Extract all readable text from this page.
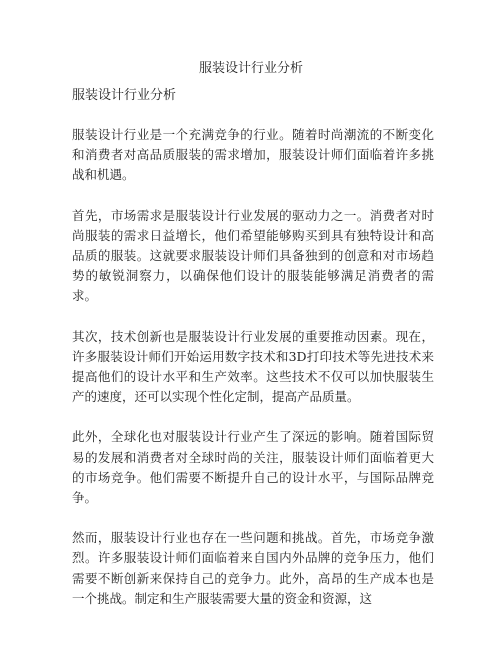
服装设计行业分析
服装设计行业分析

服装设计行业是一个充满竞争的行业。随着时尚潮流的不断变化和消费者对高品质服装的需求增加，服装设计师们面临着许多挑战和机遇。

首先，市场需求是服装设计行业发展的驱动力之一。消费者对时尚服装的需求日益增长，他们希望能够购买到具有独特设计和高品质的服装。这就要求服装设计师们具备独到的创意和对市场趋势的敏锐洞察力，以确保他们设计的服装能够满足消费者的需求。

其次，技术创新也是服装设计行业发展的重要推动因素。现在，许多服装设计师们开始运用数字技术和3D打印技术等先进技术来提高他们的设计水平和生产效率。这些技术不仅可以加快服装生产的速度，还可以实现个性化定制，提高产品质量。

此外，全球化也对服装设计行业产生了深远的影响。随着国际贸易的发展和消费者对全球时尚的关注，服装设计师们面临着更大的市场竞争。他们需要不断提升自己的设计水平，与国际品牌竞争。

然而，服装设计行业也存在一些问题和挑战。首先，市场竞争激烈。许多服装设计师们面临着来自国内外品牌的竞争压力，他们需要不断创新来保持自己的竞争力。此外，高昂的生产成本也是一个挑战。制定和生产服装需要大量的资金和资源，这
